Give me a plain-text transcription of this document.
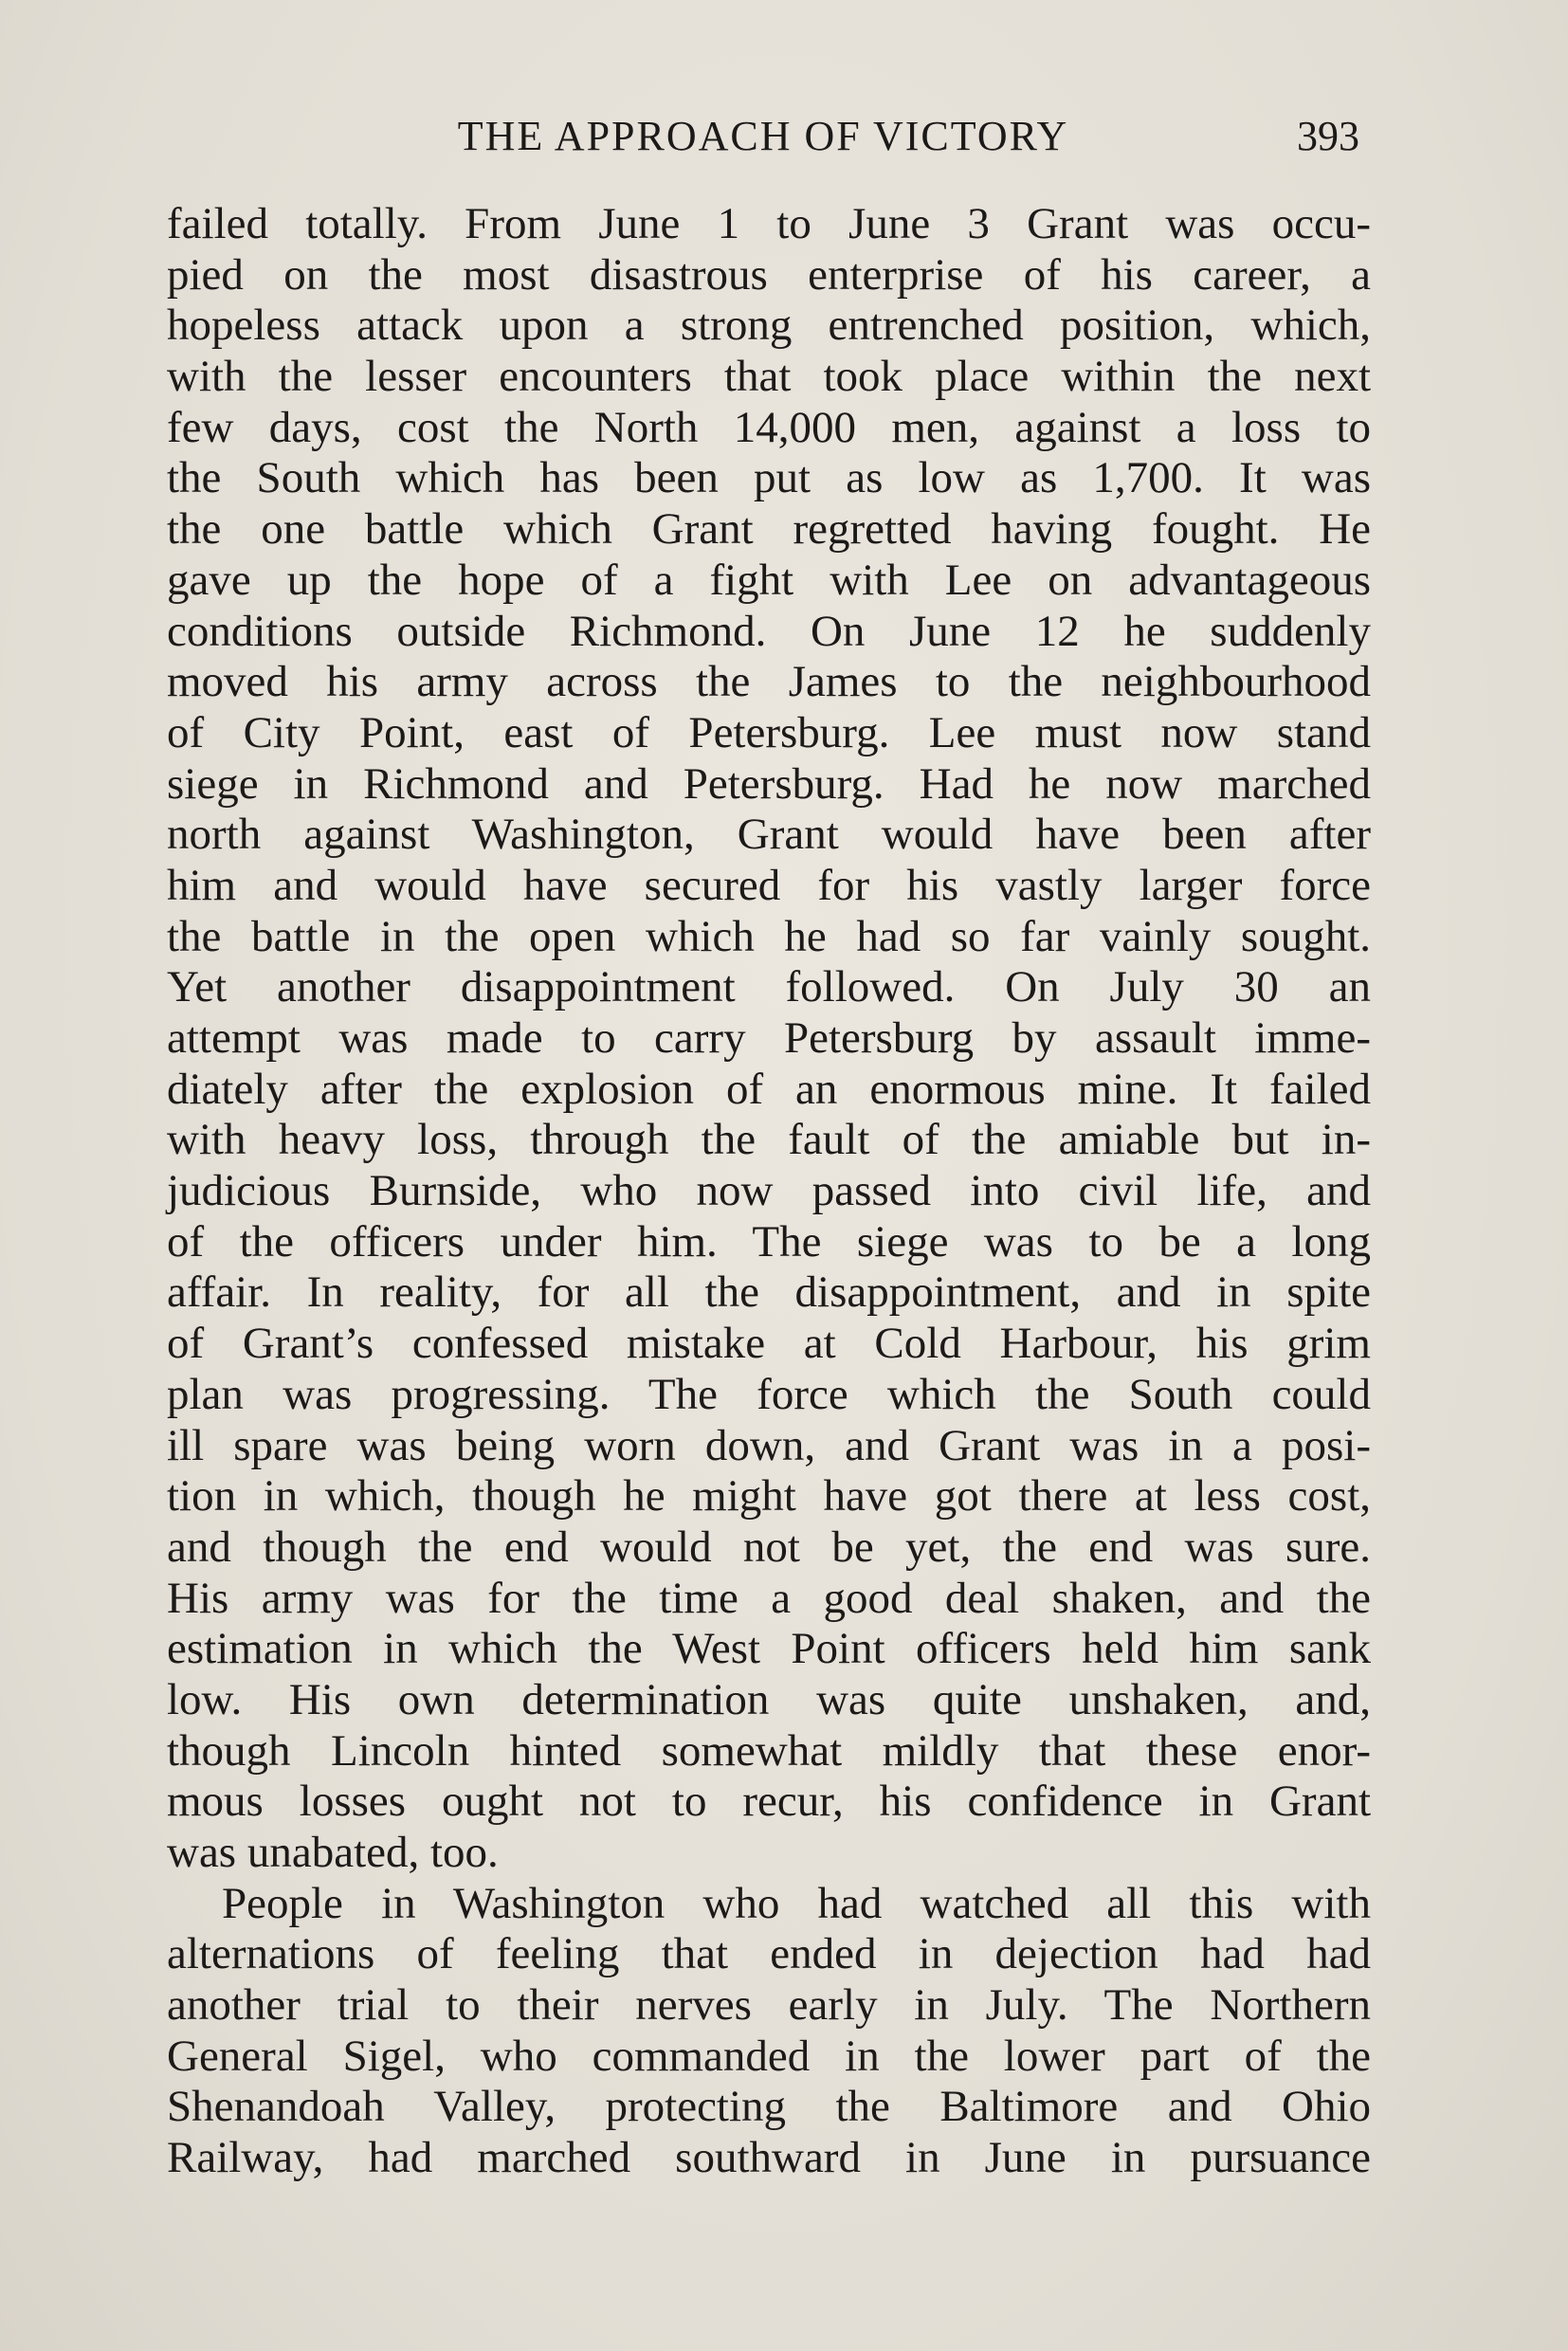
THE APPROACH OF VICTORY	393
failed totally. From June 1 to June 3 Grant was occu-
pied on the most disastrous enterprise of his career, a
hopeless attack upon a strong entrenched position, which,
with the lesser encounters that took place within the next
few days, cost the North 14,000 men, against a loss to
the South which has been put as low as 1,700. It was
the one battle which Grant regretted having fought. He
gave up the hope of a fight with Lee on advantageous
conditions outside Richmond. On June 12 he suddenly
moved his army across the James to the neighbourhood
of City Point, east of Petersburg. Lee must now stand
siege in Richmond and Petersburg. Had he now marched
north against Washington, Grant would have been after
him and would have secured for his vastly larger force
the battle in the open which he had so far vainly sought.
Yet another disappointment followed. On July 30 an
attempt was made to carry Petersburg by assault imme-
diately after the explosion of an enormous mine. It failed
with heavy loss, through the fault of the amiable but in-
judicious Burnside, who now passed into civil life, and
of the officers under him. The siege was to be a long
affair. In reality, for all the disappointment, and in spite
of Grant’s confessed mistake at Cold Harbour, his grim
plan was progressing. The force which the South could
ill spare was being worn down, and Grant was in a posi-
tion in which, though he might have got there at less cost,
and though the end would not be yet, the end was sure.
His army was for the time a good deal shaken, and the
estimation in which the West Point officers held him sank
low. His own determination was quite unshaken, and,
though Lincoln hinted somewhat mildly that these enor-
mous losses ought not to recur, his confidence in Grant
was unabated, too.
People in Washington who had watched all this with
alternations of feeling that ended in dejection had had
another trial to their nerves early in July. The Northern
General Sigel, who commanded in the lower part of the
Shenandoah Valley, protecting the Baltimore and Ohio
Railway, had marched southward in June in pursuance
